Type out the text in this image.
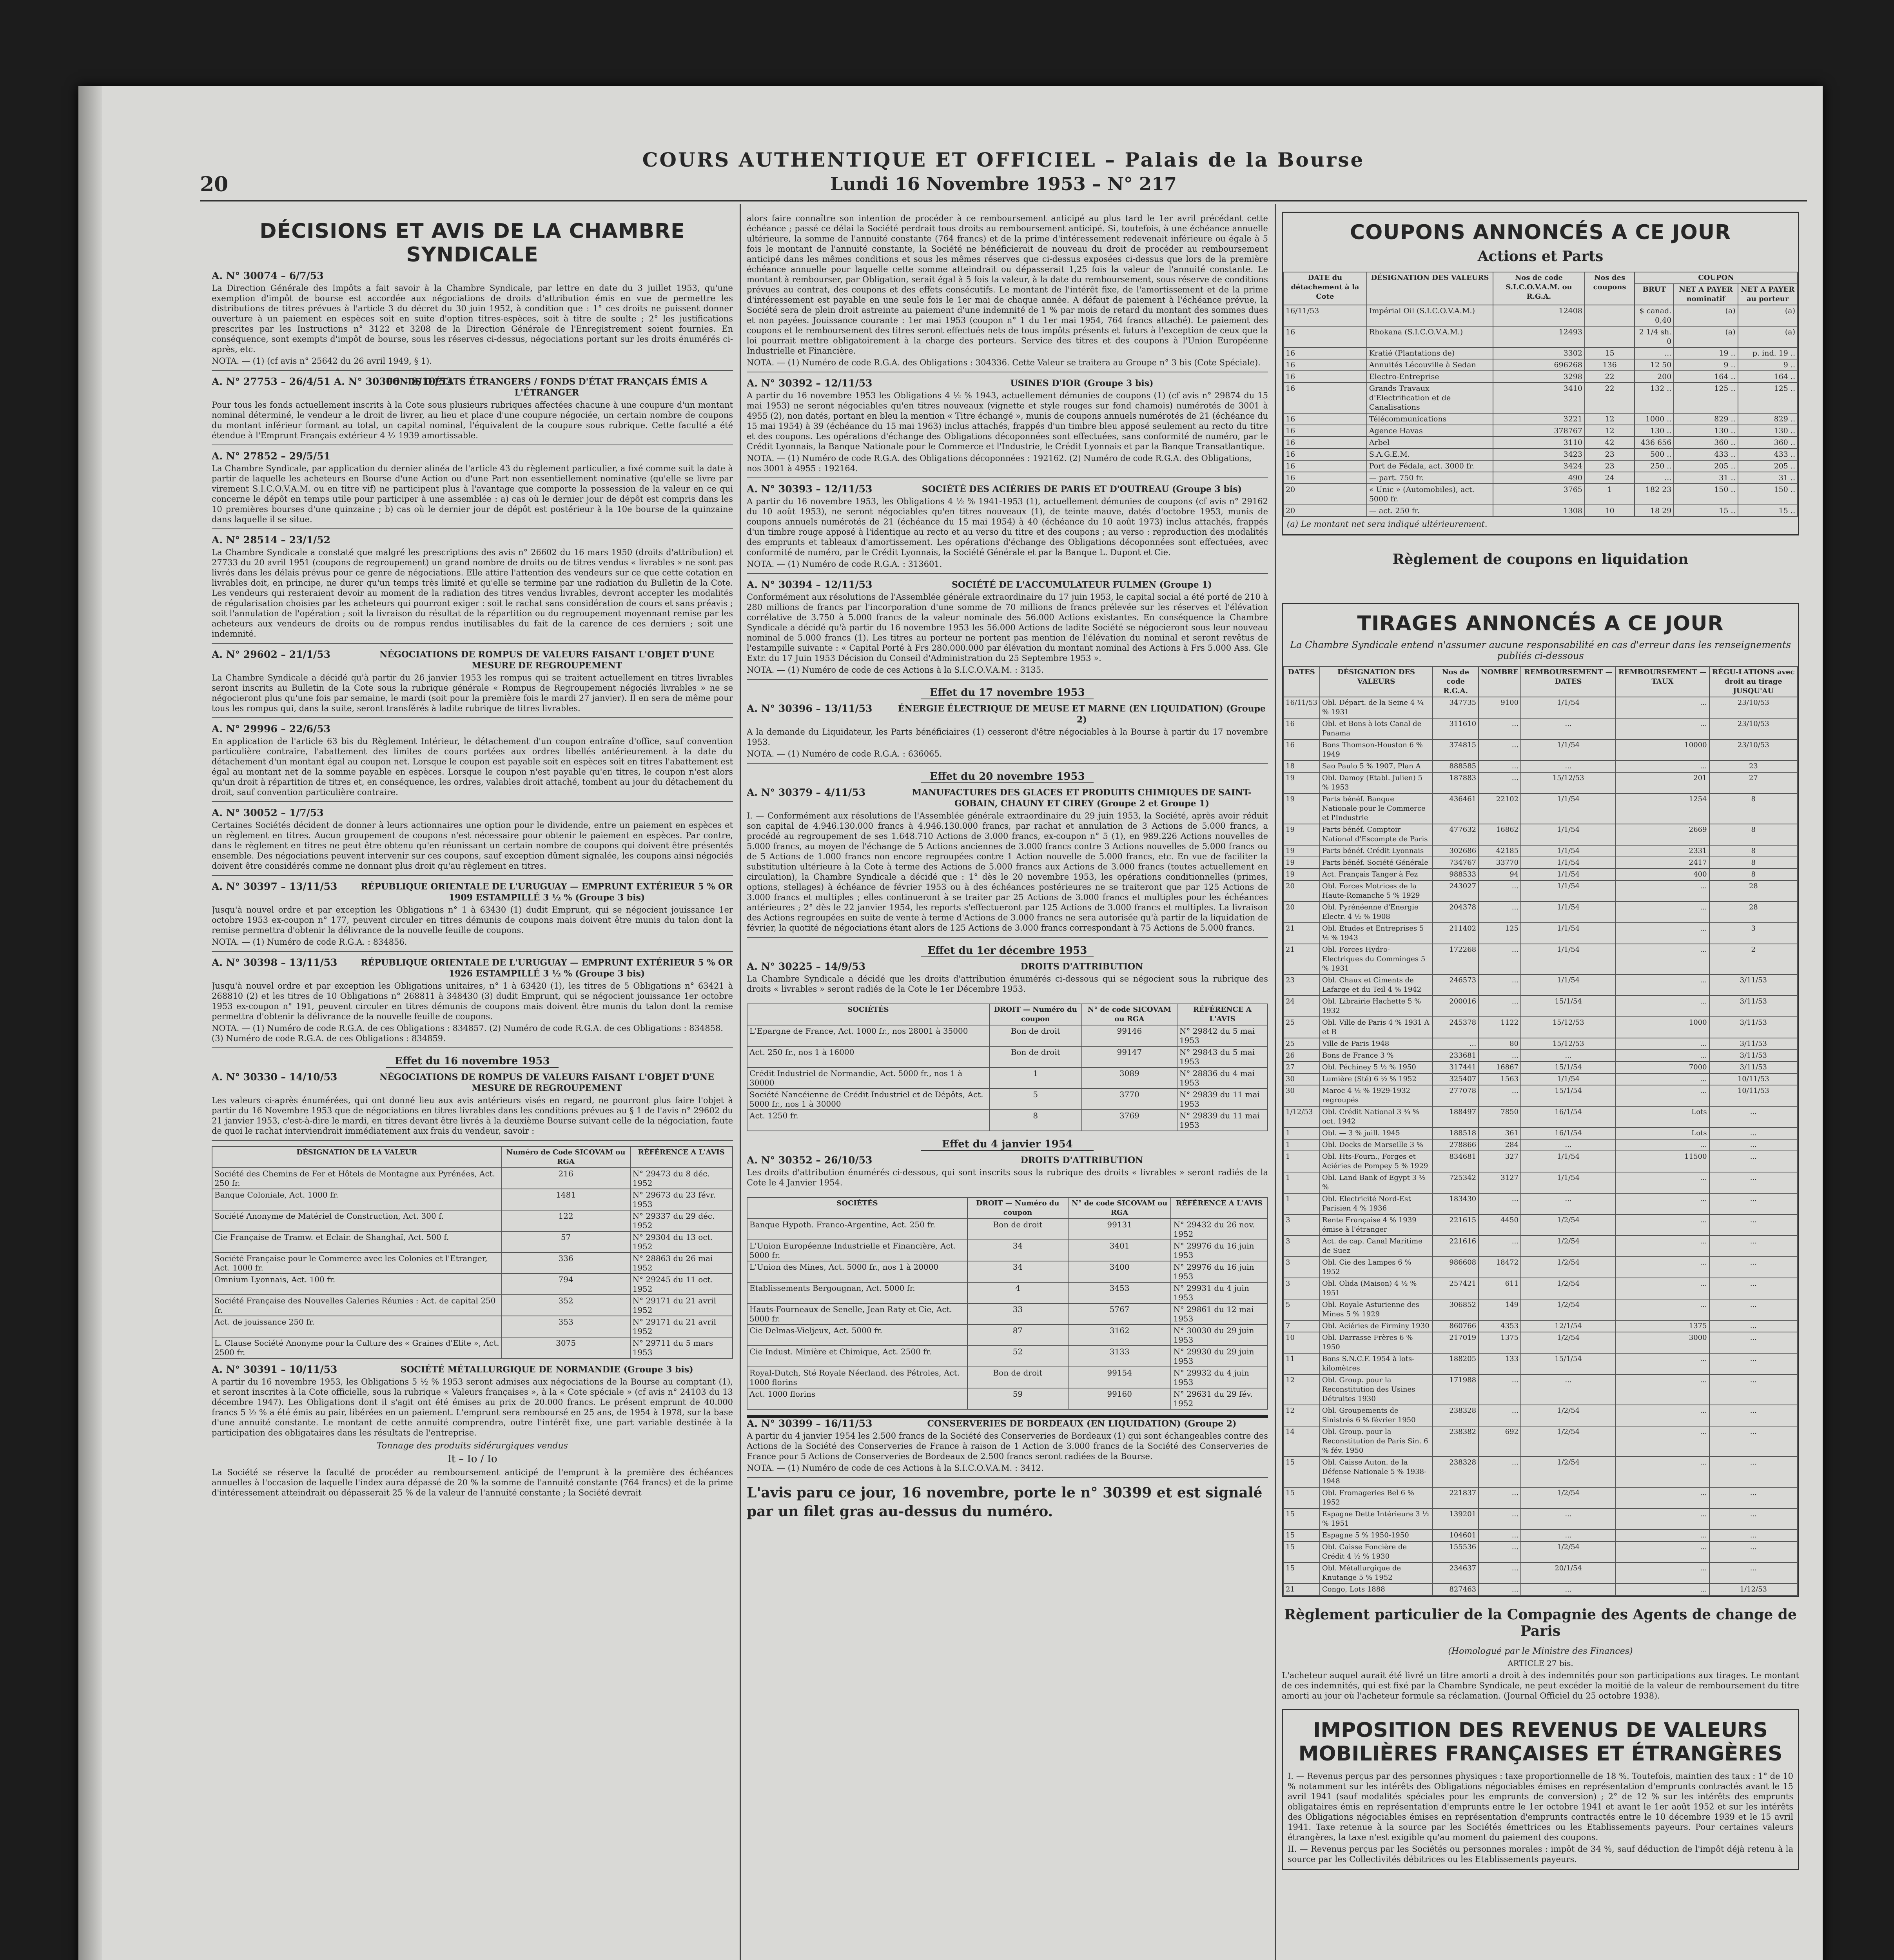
20
COURS AUTHENTIQUE ET OFFICIEL – Palais de la Bourse
Lundi 16 Novembre 1953 – N° 217
DÉCISIONS ET AVIS DE LA CHAMBRE SYNDICALE
A. N° 30074 – 6/7/53
La Direction Générale des Impôts a fait savoir à la Chambre Syndicale, par lettre en date du 3 juillet 1953, qu'une exemption d'impôt de bourse est accordée aux négociations de droits d'attribution émis en vue de permettre les distributions de titres prévues à l'article 3 du décret du 30 juin 1952, à condition que : 1° ces droits ne puissent donner ouverture à un paiement en espèces soit en suite d'option titres-espèces, soit à titre de soulte ; 2° les justifications prescrites par les Instructions n° 3122 et 3208 de la Direction Générale de l'Enregistrement soient fournies. En conséquence, sont exempts d'impôt de bourse, sous les réserves ci-dessus, négociations portant sur les droits énumérés ci-après, etc.
NOTA. — (1) (cf avis n° 25642 du 26 avril 1949, § 1).
A. N° 27753 – 26/4/51 A. N° 30306 – 8/10/53
FONDS D'ÉTATS ÉTRANGERS / FONDS D'ÉTAT FRANÇAIS ÉMIS A L'ÉTRANGER
Pour tous les fonds actuellement inscrits à la Cote sous plusieurs rubriques affectées chacune à une coupure d'un montant nominal déterminé, le vendeur a le droit de livrer, au lieu et place d'une coupure négociée, un certain nombre de coupons du montant inférieur formant au total, un capital nominal, l'équivalent de la coupure sous rubrique. Cette faculté a été étendue à l'Emprunt Français extérieur 4 ½ 1939 amortissable.
A. N° 27852 – 29/5/51
La Chambre Syndicale, par application du dernier alinéa de l'article 43 du règlement particulier, a fixé comme suit la date à partir de laquelle les acheteurs en Bourse d'une Action ou d'une Part non essentiellement nominative (qu'elle se livre par virement S.I.C.O.V.A.M. ou en titre vif) ne participent plus à l'avantage que comporte la possession de la valeur en ce qui concerne le dépôt en temps utile pour participer à une assemblée : a) cas où le dernier jour de dépôt est compris dans les 10 premières bourses d'une quinzaine ; b) cas où le dernier jour de dépôt est postérieur à la 10e bourse de la quinzaine dans laquelle il se situe.
A. N° 28514 – 23/1/52
La Chambre Syndicale a constaté que malgré les prescriptions des avis n° 26602 du 16 mars 1950 (droits d'attribution) et 27733 du 20 avril 1951 (coupons de regroupement) un grand nombre de droits ou de titres vendus « livrables » ne sont pas livrés dans les délais prévus pour ce genre de négociations. Elle attire l'attention des vendeurs sur ce que cette cotation en livrables doit, en principe, ne durer qu'un temps très limité et qu'elle se termine par une radiation du Bulletin de la Cote. Les vendeurs qui resteraient devoir au moment de la radiation des titres vendus livrables, devront accepter les modalités de régularisation choisies par les acheteurs qui pourront exiger : soit le rachat sans considération de cours et sans préavis ; soit l'annulation de l'opération ; soit la livraison du résultat de la répartition ou du regroupement moyennant remise par les acheteurs aux vendeurs de droits ou de rompus rendus inutilisables du fait de la carence de ces derniers ; soit une indemnité.
A. N° 29602 – 21/1/53	NÉGOCIATIONS DE ROMPUS DE VALEURS FAISANT L'OBJET D'UNE MESURE DE REGROUPEMENT
La Chambre Syndicale a décidé qu'à partir du 26 janvier 1953 les rompus qui se traitent actuellement en titres livrables seront inscrits au Bulletin de la Cote sous la rubrique générale « Rompus de Regroupement négociés livrables » ne se négocieront plus qu'une fois par semaine, le mardi (soit pour la première fois le mardi 27 janvier). Il en sera de même pour tous les rompus qui, dans la suite, seront transférés à ladite rubrique de titres livrables.
A. N° 29996 – 22/6/53
En application de l'article 63 bis du Règlement Intérieur, le détachement d'un coupon entraîne d'office, sauf convention particulière contraire, l'abattement des limites de cours portées aux ordres libellés antérieurement à la date du détachement d'un montant égal au coupon net. Lorsque le coupon est payable soit en espèces soit en titres l'abattement est égal au montant net de la somme payable en espèces. Lorsque le coupon n'est payable qu'en titres, le coupon n'est alors qu'un droit à répartition de titres et, en conséquence, les ordres, valables droit attaché, tombent au jour du détachement du droit, sauf convention particulière contraire.
A. N° 30052 – 1/7/53
Certaines Sociétés décident de donner à leurs actionnaires une option pour le dividende, entre un paiement en espèces et un règlement en titres. Aucun groupement de coupons n'est nécessaire pour obtenir le paiement en espèces. Par contre, dans le règlement en titres ne peut être obtenu qu'en réunissant un certain nombre de coupons qui doivent être présentés ensemble. Des négociations peuvent intervenir sur ces coupons, sauf exception dûment signalée, les coupons ainsi négociés doivent être considérés comme ne donnant plus droit qu'au règlement en titres.
A. N° 30397 – 13/11/53	RÉPUBLIQUE ORIENTALE DE L'URUGUAY — EMPRUNT EXTÉRIEUR 5 % OR 1909 ESTAMPILLÉ 3 ½ % (Groupe 3 bis)
Jusqu'à nouvel ordre et par exception les Obligations n° 1 à 63430 (1) dudit Emprunt, qui se négocient jouissance 1er octobre 1953 ex-coupon n° 177, peuvent circuler en titres démunis de coupons mais doivent être munis du talon dont la remise permettra d'obtenir la délivrance de la nouvelle feuille de coupons.
NOTA. — (1) Numéro de code R.G.A. : 834856.
A. N° 30398 – 13/11/53	RÉPUBLIQUE ORIENTALE DE L'URUGUAY — EMPRUNT EXTÉRIEUR 5 % OR 1926 ESTAMPILLÉ 3 ½ % (Groupe 3 bis)
Jusqu'à nouvel ordre et par exception les Obligations unitaires, n° 1 à 63420 (1), les titres de 5 Obligations n° 63421 à 268810 (2) et les titres de 10 Obligations n° 268811 à 348430 (3) dudit Emprunt, qui se négocient jouissance 1er octobre 1953 ex-coupon n° 191, peuvent circuler en titres démunis de coupons mais doivent être munis du talon dont la remise permettra d'obtenir la délivrance de la nouvelle feuille de coupons.
NOTA. — (1) Numéro de code R.G.A. de ces Obligations : 834857. (2) Numéro de code R.G.A. de ces Obligations : 834858. (3) Numéro de code R.G.A. de ces Obligations : 834859.
Effet du 16 novembre 1953
A. N° 30330 – 14/10/53	NÉGOCIATIONS DE ROMPUS DE VALEURS FAISANT L'OBJET D'UNE MESURE DE REGROUPEMENT
Les valeurs ci-après énumérées, qui ont donné lieu aux avis antérieurs visés en regard, ne pourront plus faire l'objet à partir du 16 Novembre 1953 que de négociations en titres livrables dans les conditions prévues au § 1 de l'avis n° 29602 du 21 janvier 1953, c'est-à-dire le mardi, en titres devant être livrés à la deuxième Bourse suivant celle de la négociation, faute de quoi le rachat interviendrait immédiatement aux frais du vendeur, savoir :
DÉSIGNATION DE LA VALEUR	Numéro de Code SICOVAM ou RGA	RÉFÉRENCE A L'AVIS
Société des Chemins de Fer et Hôtels de Montagne aux Pyrénées, Act. 250 fr.	216	N° 29473 du 8 déc. 1952
Banque Coloniale, Act. 1000 fr.	1481	N° 29673 du 23 févr. 1953
Société Anonyme de Matériel de Construction, Act. 300 f.	122	N° 29337 du 29 déc. 1952
Cie Française de Tramw. et Eclair. de Shanghaï, Act. 500 f.	57	N° 29304 du 13 oct. 1952
Société Française pour le Commerce avec les Colonies et l'Etranger, Act. 1000 fr.	336	N° 28863 du 26 mai 1952
Omnium Lyonnais, Act. 100 fr.	794	N° 29245 du 11 oct. 1952
Société Française des Nouvelles Galeries Réunies : Act. de capital 250 fr.	352	N° 29171 du 21 avril 1952
Act. de jouissance 250 fr.	353	N° 29171 du 21 avril 1952
L. Clause Société Anonyme pour la Culture des « Graines d'Elite », Act. 2500 fr.	3075	N° 29711 du 5 mars 1953
A. N° 30391 – 10/11/53	SOCIÉTÉ MÉTALLURGIQUE DE NORMANDIE (Groupe 3 bis)
A partir du 16 novembre 1953, les Obligations 5 ½ % 1953 seront admises aux négociations de la Bourse au comptant (1), et seront inscrites à la Cote officielle, sous la rubrique « Valeurs françaises », à la « Cote spéciale » (cf avis n° 24103 du 13 décembre 1947). Les Obligations dont il s'agit ont été émises au prix de 20.000 francs. Le présent emprunt de 40.000 francs 5 ½ % a été émis au pair, libérées en un paiement. L'emprunt sera remboursé en 25 ans, de 1954 à 1978, sur la base d'une annuité constante. Le montant de cette annuité comprendra, outre l'intérêt fixe, une part variable destinée à la participation des obligataires dans les résultats de l'entreprise.
Tonnage des produits sidérurgiques vendus
It – Io / Io
La Société se réserve la faculté de procéder au remboursement anticipé de l'emprunt à la première des échéances annuelles à l'occasion de laquelle l'index aura dépassé de 20 % la somme de l'annuité constante (764 francs) et de la prime d'intéressement atteindrait ou dépasserait 25 % de la valeur de l'annuité constante ; la Société devrait
alors faire connaître son intention de procéder à ce remboursement anticipé au plus tard le 1er avril précédant cette échéance ; passé ce délai la Société perdrait tous droits au remboursement anticipé. Si, toutefois, à une échéance annuelle ultérieure, la somme de l'annuité constante (764 francs) et de la prime d'intéressement redevenait inférieure ou égale à 5 fois le montant de l'annuité constante, la Société ne bénéficierait de nouveau du droit de procéder au remboursement anticipé dans les mêmes conditions et sous les mêmes réserves que ci-dessus exposées ci-dessus que lors de la première échéance annuelle pour laquelle cette somme atteindrait ou dépasserait 1,25 fois la valeur de l'annuité constante. Le montant à rembourser, par Obligation, serait égal à 5 fois la valeur, à la date du remboursement, sous réserve de conditions prévues au contrat, des coupons et des effets consécutifs. Le montant de l'intérêt fixe, de l'amortissement et de la prime d'intéressement est payable en une seule fois le 1er mai de chaque année. A défaut de paiement à l'échéance prévue, la Société sera de plein droit astreinte au paiement d'une indemnité de 1 % par mois de retard du montant des sommes dues et non payées. Jouissance courante : 1er mai 1953 (coupon n° 1 du 1er mai 1954, 764 francs attaché). Le paiement des coupons et le remboursement des titres seront effectués nets de tous impôts présents et futurs à l'exception de ceux que la loi pourrait mettre obligatoirement à la charge des porteurs. Service des titres et des coupons à l'Union Européenne Industrielle et Financière.
NOTA. — (1) Numéro de code R.G.A. des Obligations : 304336. Cette Valeur se traitera au Groupe n° 3 bis (Cote Spéciale).
A. N° 30392 – 12/11/53	USINES D'IOR (Groupe 3 bis)
A partir du 16 novembre 1953 les Obligations 4 ½ % 1943, actuellement démunies de coupons (1) (cf avis n° 29874 du 15 mai 1953) ne seront négociables qu'en titres nouveaux (vignette et style rouges sur fond chamois) numérotés de 3001 à 4955 (2), non datés, portant en bleu la mention « Titre échangé », munis de coupons annuels numérotés de 21 (échéance du 15 mai 1954) à 39 (échéance du 15 mai 1963) inclus attachés, frappés d'un timbre bleu apposé seulement au recto du titre et des coupons. Les opérations d'échange des Obligations décoponnées sont effectuées, sans conformité de numéro, par le Crédit Lyonnais, la Banque Nationale pour le Commerce et l'Industrie, le Crédit Lyonnais et par la Banque Transatlantique.
NOTA. — (1) Numéro de code R.G.A. des Obligations décoponnées : 192162. (2) Numéro de code R.G.A. des Obligations, nos 3001 à 4955 : 192164.
A. N° 30393 – 12/11/53	SOCIÉTÉ DES ACIÉRIES DE PARIS ET D'OUTREAU (Groupe 3 bis)
A partir du 16 novembre 1953, les Obligations 4 ½ % 1941-1953 (1), actuellement démunies de coupons (cf avis n° 29162 du 10 août 1953), ne seront négociables qu'en titres nouveaux (1), de teinte mauve, datés d'octobre 1953, munis de coupons annuels numérotés de 21 (échéance du 15 mai 1954) à 40 (échéance du 10 août 1973) inclus attachés, frappés d'un timbre rouge apposé à l'identique au recto et au verso du titre et des coupons ; au verso : reproduction des modalités des emprunts et tableaux d'amortissement. Les opérations d'échange des Obligations décoponnées sont effectuées, avec conformité de numéro, par le Crédit Lyonnais, la Société Générale et par la Banque L. Dupont et Cie.
NOTA. — (1) Numéro de code R.G.A. : 313601.
A. N° 30394 – 12/11/53	SOCIÉTÉ DE L'ACCUMULATEUR FULMEN (Groupe 1)
Conformément aux résolutions de l'Assemblée générale extraordinaire du 17 juin 1953, le capital social a été porté de 210 à 280 millions de francs par l'incorporation d'une somme de 70 millions de francs prélevée sur les réserves et l'élévation corrélative de 3.750 à 5.000 francs de la valeur nominale des 56.000 Actions existantes. En conséquence la Chambre Syndicale a décidé qu'à partir du 16 novembre 1953 les 56.000 Actions de ladite Société se négocieront sous leur nouveau nominal de 5.000 francs (1). Les titres au porteur ne portent pas mention de l'élévation du nominal et seront revêtus de l'estampille suivante : « Capital Porté à Frs 280.000.000 par élévation du montant nominal des Actions à Frs 5.000 Ass. Gle Extr. du 17 Juin 1953 Décision du Conseil d'Administration du 25 Septembre 1953 ».
NOTA. — (1) Numéro de code de ces Actions à la S.I.C.O.V.A.M. : 3135.
Effet du 17 novembre 1953
A. N° 30396 – 13/11/53	ÉNERGIE ÉLECTRIQUE DE MEUSE ET MARNE (EN LIQUIDATION) (Groupe 2)
A la demande du Liquidateur, les Parts bénéficiaires (1) cesseront d'être négociables à la Bourse à partir du 17 novembre 1953.
NOTA. — (1) Numéro de code R.G.A. : 636065.
Effet du 20 novembre 1953
A. N° 30379 – 4/11/53	MANUFACTURES DES GLACES ET PRODUITS CHIMIQUES DE SAINT-GOBAIN, CHAUNY ET CIREY (Groupe 2 et Groupe 1)
I. — Conformément aux résolutions de l'Assemblée générale extraordinaire du 29 juin 1953, la Société, après avoir réduit son capital de 4.946.130.000 francs à 4.946.130.000 francs, par rachat et annulation de 3 Actions de 5.000 francs, a procédé au regroupement de ses 1.648.710 Actions de 3.000 francs, ex-coupon n° 5 (1), en 989.226 Actions nouvelles de 5.000 francs, au moyen de l'échange de 5 Actions anciennes de 3.000 francs contre 3 Actions nouvelles de 5.000 francs ou de 5 Actions de 1.000 francs non encore regroupées contre 1 Action nouvelle de 5.000 francs, etc. En vue de faciliter la substitution ultérieure à la Cote à terme des Actions de 5.000 francs aux Actions de 3.000 francs (toutes actuellement en circulation), la Chambre Syndicale a décidé que : 1° dès le 20 novembre 1953, les opérations conditionnelles (primes, options, stellages) à échéance de février 1953 ou à des échéances postérieures ne se traiteront que par 125 Actions de 3.000 francs et multiples ; elles continueront à se traiter par 25 Actions de 3.000 francs et multiples pour les échéances antérieures ; 2° dès le 22 janvier 1954, les reports s'effectueront par 125 Actions de 3.000 francs et multiples. La livraison des Actions regroupées en suite de vente à terme d'Actions de 3.000 francs ne sera autorisée qu'à partir de la liquidation de février, la quotité de négociations étant alors de 125 Actions de 3.000 francs correspondant à 75 Actions de 5.000 francs.
Effet du 1er décembre 1953
A. N° 30225 – 14/9/53	DROITS D'ATTRIBUTION
La Chambre Syndicale a décidé que les droits d'attribution énumérés ci-dessous qui se négocient sous la rubrique des droits « livrables » seront radiés de la Cote le 1er Décembre 1953.
SOCIÉTÉS	DROIT — Numéro du coupon	N° de code SICOVAM ou RGA	RÉFÉRENCE A L'AVIS
L'Epargne de France, Act. 1000 fr., nos 28001 à 35000	Bon de droit	99146	N° 29842 du 5 mai 1953
Act. 250 fr., nos 1 à 16000	Bon de droit	99147	N° 29843 du 5 mai 1953
Crédit Industriel de Normandie, Act. 5000 fr., nos 1 à 30000	1	3089	N° 28836 du 4 mai 1953
Société Nancéienne de Crédit Industriel et de Dépôts, Act. 5000 fr., nos 1 à 30000	5	3770	N° 29839 du 11 mai 1953
Act. 1250 fr.	8	3769	N° 29839 du 11 mai 1953
Effet du 4 janvier 1954
A. N° 30352 – 26/10/53	DROITS D'ATTRIBUTION
Les droits d'attribution énumérés ci-dessous, qui sont inscrits sous la rubrique des droits « livrables » seront radiés de la Cote le 4 Janvier 1954.
SOCIÉTÉS	DROIT — Numéro du coupon	N° de code SICOVAM ou RGA	RÉFÉRENCE A L'AVIS
Banque Hypoth. Franco-Argentine, Act. 250 fr.	Bon de droit	99131	N° 29432 du 26 nov. 1952
L'Union Européenne Industrielle et Financière, Act. 5000 fr.	34	3401	N° 29976 du 16 juin 1953
L'Union des Mines, Act. 5000 fr., nos 1 à 20000	34	3400	N° 29976 du 16 juin 1953
Etablissements Bergougnan, Act. 5000 fr.	4	3453	N° 29931 du 4 juin 1953
Hauts-Fourneaux de Senelle, Jean Raty et Cie, Act. 5000 fr.	33	5767	N° 29861 du 12 mai 1953
Cie Delmas-Vieljeux, Act. 5000 fr.	87	3162	N° 30030 du 29 juin 1953
Cie Indust. Minière et Chimique, Act. 2500 fr.	52	3133	N° 29930 du 29 juin 1953
Royal-Dutch, Sté Royale Néerland. des Pétroles, Act. 1000 florins	Bon de droit	99154	N° 29932 du 4 juin 1953
Act. 1000 florins	59	99160	N° 29631 du 29 fév. 1952
A. N° 30399 – 16/11/53	CONSERVERIES DE BORDEAUX (EN LIQUIDATION) (Groupe 2)
A partir du 4 janvier 1954 les 2.500 francs de la Société des Conserveries de Bordeaux (1) qui sont échangeables contre des Actions de la Société des Conserveries de France à raison de 1 Action de 3.000 francs de la Société des Conserveries de France pour 5 Actions de Conserveries de Bordeaux de 2.500 francs seront radiées de la Bourse.
NOTA. — (1) Numéro de code de ces Actions à la S.I.C.O.V.A.M. : 3412.
L'avis paru ce jour, 16 novembre, porte le n° 30399 et est signalé par un filet gras au-dessus du numéro.
COUPONS ANNONCÉS A CE JOUR
Actions et Parts
DATE du détachement à la Cote	DÉSIGNATION DES VALEURS	Nos de code S.I.C.O.V.A.M. ou R.G.A.	Nos des coupons	COUPON		
				BRUT	NET A PAYER nominatif	NET A PAYER au porteur
16/11/53	Impérial Oil (S.I.C.O.V.A.M.)	12408		$ canad. 0,40	(a)	(a)
16	Rhokana (S.I.C.O.V.A.M.)	12493		2 1/4 sh. 0	(a)	(a)
16	Kratié (Plantations de)	3302	15	...	19 ..	p. ind. 19 ..
16	Annuités Lécouville à Sedan	696268	136	12 50	9 ..	9 ..
16	Electro-Entreprise	3298	22	200	164 ..	164 ..
16	Grands Travaux d'Electrification et de Canalisations	3410	22	132 ..	125 ..	125 ..
16	Télécommunications	3221	12	1000 ..	829 ..	829 ..
16	Agence Havas	378767	12	130 ..	130 ..	130 ..
16	Arbel	3110	42	436 656	360 ..	360 ..
16	S.A.G.E.M.	3423	23	500 ..	433 ..	433 ..
16	Port de Fédala, act. 3000 fr.	3424	23	250 ..	205 ..	205 ..
16	— part. 750 fr.	490	24	...	31 ..	31 ..
20	« Unic » (Automobiles), act. 5000 fr.	3765	1	182 23	150 ..	150 ..
20	— act. 250 fr.	1308	10	18 29	15 ..	15 ..
(a) Le montant net sera indiqué ultérieurement.
Règlement de coupons en liquidation
TIRAGES ANNONCÉS A CE JOUR
La Chambre Syndicale entend n'assumer aucune responsabilité en cas d'erreur dans les renseignements publiés ci-dessous
DATES	DÉSIGNATION DES VALEURS	Nos de code R.G.A.	NOMBRE	REMBOURSEMENT — DATES	REMBOURSEMENT — TAUX	RÉGU-LATIONS avec droit au tirage JUSQU'AU
16/11/53	Obl. Départ. de la Seine 4 ¼ % 1931	347735	9100	1/1/54	...	23/10/53
16	Obl. et Bons à lots Canal de Panama	311610	...	...	...	23/10/53
16	Bons Thomson-Houston 6 % 1949	374815	...	1/1/54	10000	23/10/53
18	Sao Paulo 5 % 1907, Plan A	888585	...	...	...	23
19	Obl. Damoy (Etabl. Julien) 5 % 1953	187883	...	15/12/53	201	27
19	Parts bénéf. Banque Nationale pour le Commerce et l'Industrie	436461	22102	1/1/54	1254	8
19	Parts bénéf. Comptoir National d'Escompte de Paris	477632	16862	1/1/54	2669	8
19	Parts bénéf. Crédit Lyonnais	302686	42185	1/1/54	2331	8
19	Parts bénéf. Société Générale	734767	33770	1/1/54	2417	8
19	Act. Français Tanger à Fez	988533	94	1/1/54	400	8
20	Obl. Forces Motrices de la Haute-Romanche 5 % 1929	243027	...	1/1/54	...	28
20	Obl. Pyrénéenne d'Energie Electr. 4 ½ % 1908	204378	...	1/1/54	...	28
21	Obl. Etudes et Entreprises 5 ½ % 1943	211402	125	1/1/54	...	3
21	Obl. Forces Hydro-Electriques du Comminges 5 % 1931	172268	...	1/1/54	...	2
23	Obl. Chaux et Ciments de Lafarge et du Teil 4 % 1942	246573	...	1/1/54	...	3/11/53
24	Obl. Librairie Hachette 5 % 1932	200016	...	15/1/54	...	3/11/53
25	Obl. Ville de Paris 4 % 1931 A et B	245378	1122	15/12/53	1000	3/11/53
25	Ville de Paris 1948	...	80	15/12/53	...	3/11/53
26	Bons de France 3 %	233681	...	...	...	3/11/53
27	Obl. Péchiney 5 ½ % 1950	317441	16867	15/1/54	7000	3/11/53
30	Lumière (Sté) 6 ½ % 1952	325407	1563	1/1/54	...	10/11/53
30	Maroc 4 ½ % 1929-1932 regroupés	277078	...	15/1/54	...	10/11/53
1/12/53	Obl. Crédit National 3 ¾ % oct. 1942	188497	7850	16/1/54	Lots	...
1	Obl. — 3 % juill. 1945	188518	361	16/1/54	Lots	...
1	Obl. Docks de Marseille 3 %	278866	284	...	...	...
1	Obl. Hts-Fourn., Forges et Aciéries de Pompey 5 % 1929	834681	327	1/1/54	11500	...
1	Obl. Land Bank of Egypt 3 ½ %	725342	3127	1/1/54	...	...
1	Obl. Electricité Nord-Est Parisien 4 % 1936	183430	...	...	...	...
3	Rente Française 4 % 1939 émise à l'étranger	221615	4450	1/2/54	...	...
3	Act. de cap. Canal Maritime de Suez	221616	...	1/2/54	...	...
3	Obl. Cie des Lampes 6 % 1952	986608	18472	1/2/54	...	...
3	Obl. Olida (Maison) 4 ½ % 1951	257421	611	1/2/54	...	...
5	Obl. Royale Asturienne des Mines 5 % 1929	306852	149	1/2/54	...	...
7	Obl. Aciéries de Firminy 1930	860766	4353	12/1/54	1375	...
10	Obl. Darrasse Frères 6 % 1950	217019	1375	1/2/54	3000	...
11	Bons S.N.C.F. 1954 à lots-kilomètres	188205	133	15/1/54	...	...
12	Obl. Group. pour la Reconstitution des Usines Détruites 1930	171988	...	...	...	...
12	Obl. Groupements de Sinistrés 6 % février 1950	238328	...	1/2/54	...	...
14	Obl. Group. pour la Reconstitution de Paris Sin. 6 % fév. 1950	238382	692	1/2/54	...	...
15	Obl. Caisse Auton. de la Défense Nationale 5 % 1938-1948	238328	...	1/2/54	...	...
15	Obl. Fromageries Bel 6 % 1952	221837	...	1/2/54	...	...
15	Espagne Dette Intérieure 3 ½ % 1951	139201	...	...	...	...
15	Espagne 5 % 1950-1950	104601	...	...	...	...
15	Obl. Caisse Foncière de Crédit 4 ½ % 1930	155536	...	1/2/54	...	...
15	Obl. Métallurgique de Knutange 5 % 1952	234637	...	20/1/54	...	...
21	Congo, Lots 1888	827463	...	...	...	1/12/53
Règlement particulier de la Compagnie des Agents de change de Paris
(Homologué par le Ministre des Finances)
ARTICLE 27 bis.
L'acheteur auquel aurait été livré un titre amorti a droit à des indemnités pour son participations aux tirages. Le montant de ces indemnités, qui est fixé par la Chambre Syndicale, ne peut excéder la moitié de la valeur de remboursement du titre amorti au jour où l'acheteur formule sa réclamation. (Journal Officiel du 25 octobre 1938).
IMPOSITION DES REVENUS DE VALEURS MOBILIÈRES FRANÇAISES ET ÉTRANGÈRES
I. — Revenus perçus par des personnes physiques : taxe proportionnelle de 18 %. Toutefois, maintien des taux : 1° de 10 % notamment sur les intérêts des Obligations négociables émises en représentation d'emprunts contractés avant le 15 avril 1941 (sauf modalités spéciales pour les emprunts de conversion) ; 2° de 12 % sur les intérêts des emprunts obligataires émis en représentation d'emprunts entre le 1er octobre 1941 et avant le 1er août 1952 et sur les intérêts des Obligations négociables émises en représentation d'emprunts contractés entre le 10 décembre 1939 et le 15 avril 1941. Taxe retenue à la source par les Sociétés émettrices ou les Etablissements payeurs. Pour certaines valeurs étrangères, la taxe n'est exigible qu'au moment du paiement des coupons.
II. — Revenus perçus par les Sociétés ou personnes morales : impôt de 34 %, sauf déduction de l'impôt déjà retenu à la source par les Collectivités débitrices ou les Etablissements payeurs.
